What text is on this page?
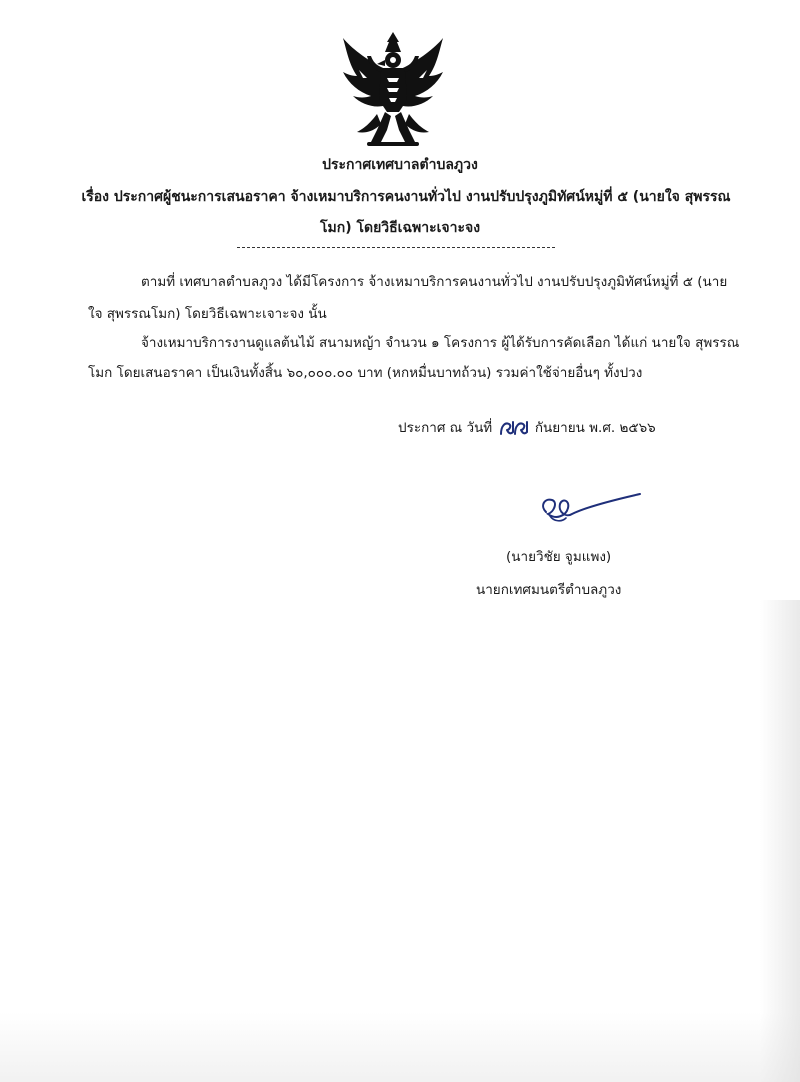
ประกาศเทศบาลตำบลภูวง
เรื่อง ประกาศผู้ชนะการเสนอราคา จ้างเหมาบริการคนงานทั่วไป งานปรับปรุงภูมิทัศน์หมู่ที่ ๕ (นายใจ สุพรรณ
โมก) โดยวิธีเฉพาะเจาะจง
ตามที่ เทศบาลตำบลภูวง ได้มีโครงการ จ้างเหมาบริการคนงานทั่วไป งานปรับปรุงภูมิทัศน์หมู่ที่ ๕ (นาย
ใจ สุพรรณโมก) โดยวิธีเฉพาะเจาะจง นั้น
จ้างเหมาบริการงานดูแลต้นไม้ สนามหญ้า จำนวน ๑ โครงการ ผู้ได้รับการคัดเลือก ได้แก่ นายใจ สุพรรณ
โมก โดยเสนอราคา เป็นเงินทั้งสิ้น ๖๐,๐๐๐.๐๐ บาท (หกหมื่นบาทถ้วน) รวมค่าใช้จ่ายอื่นๆ ทั้งปวง
ประกาศ ณ วันที่	กันยายน พ.ศ. ๒๕๖๖
(นายวิชัย จูมแพง)
นายกเทศมนตรีตำบลภูวง
